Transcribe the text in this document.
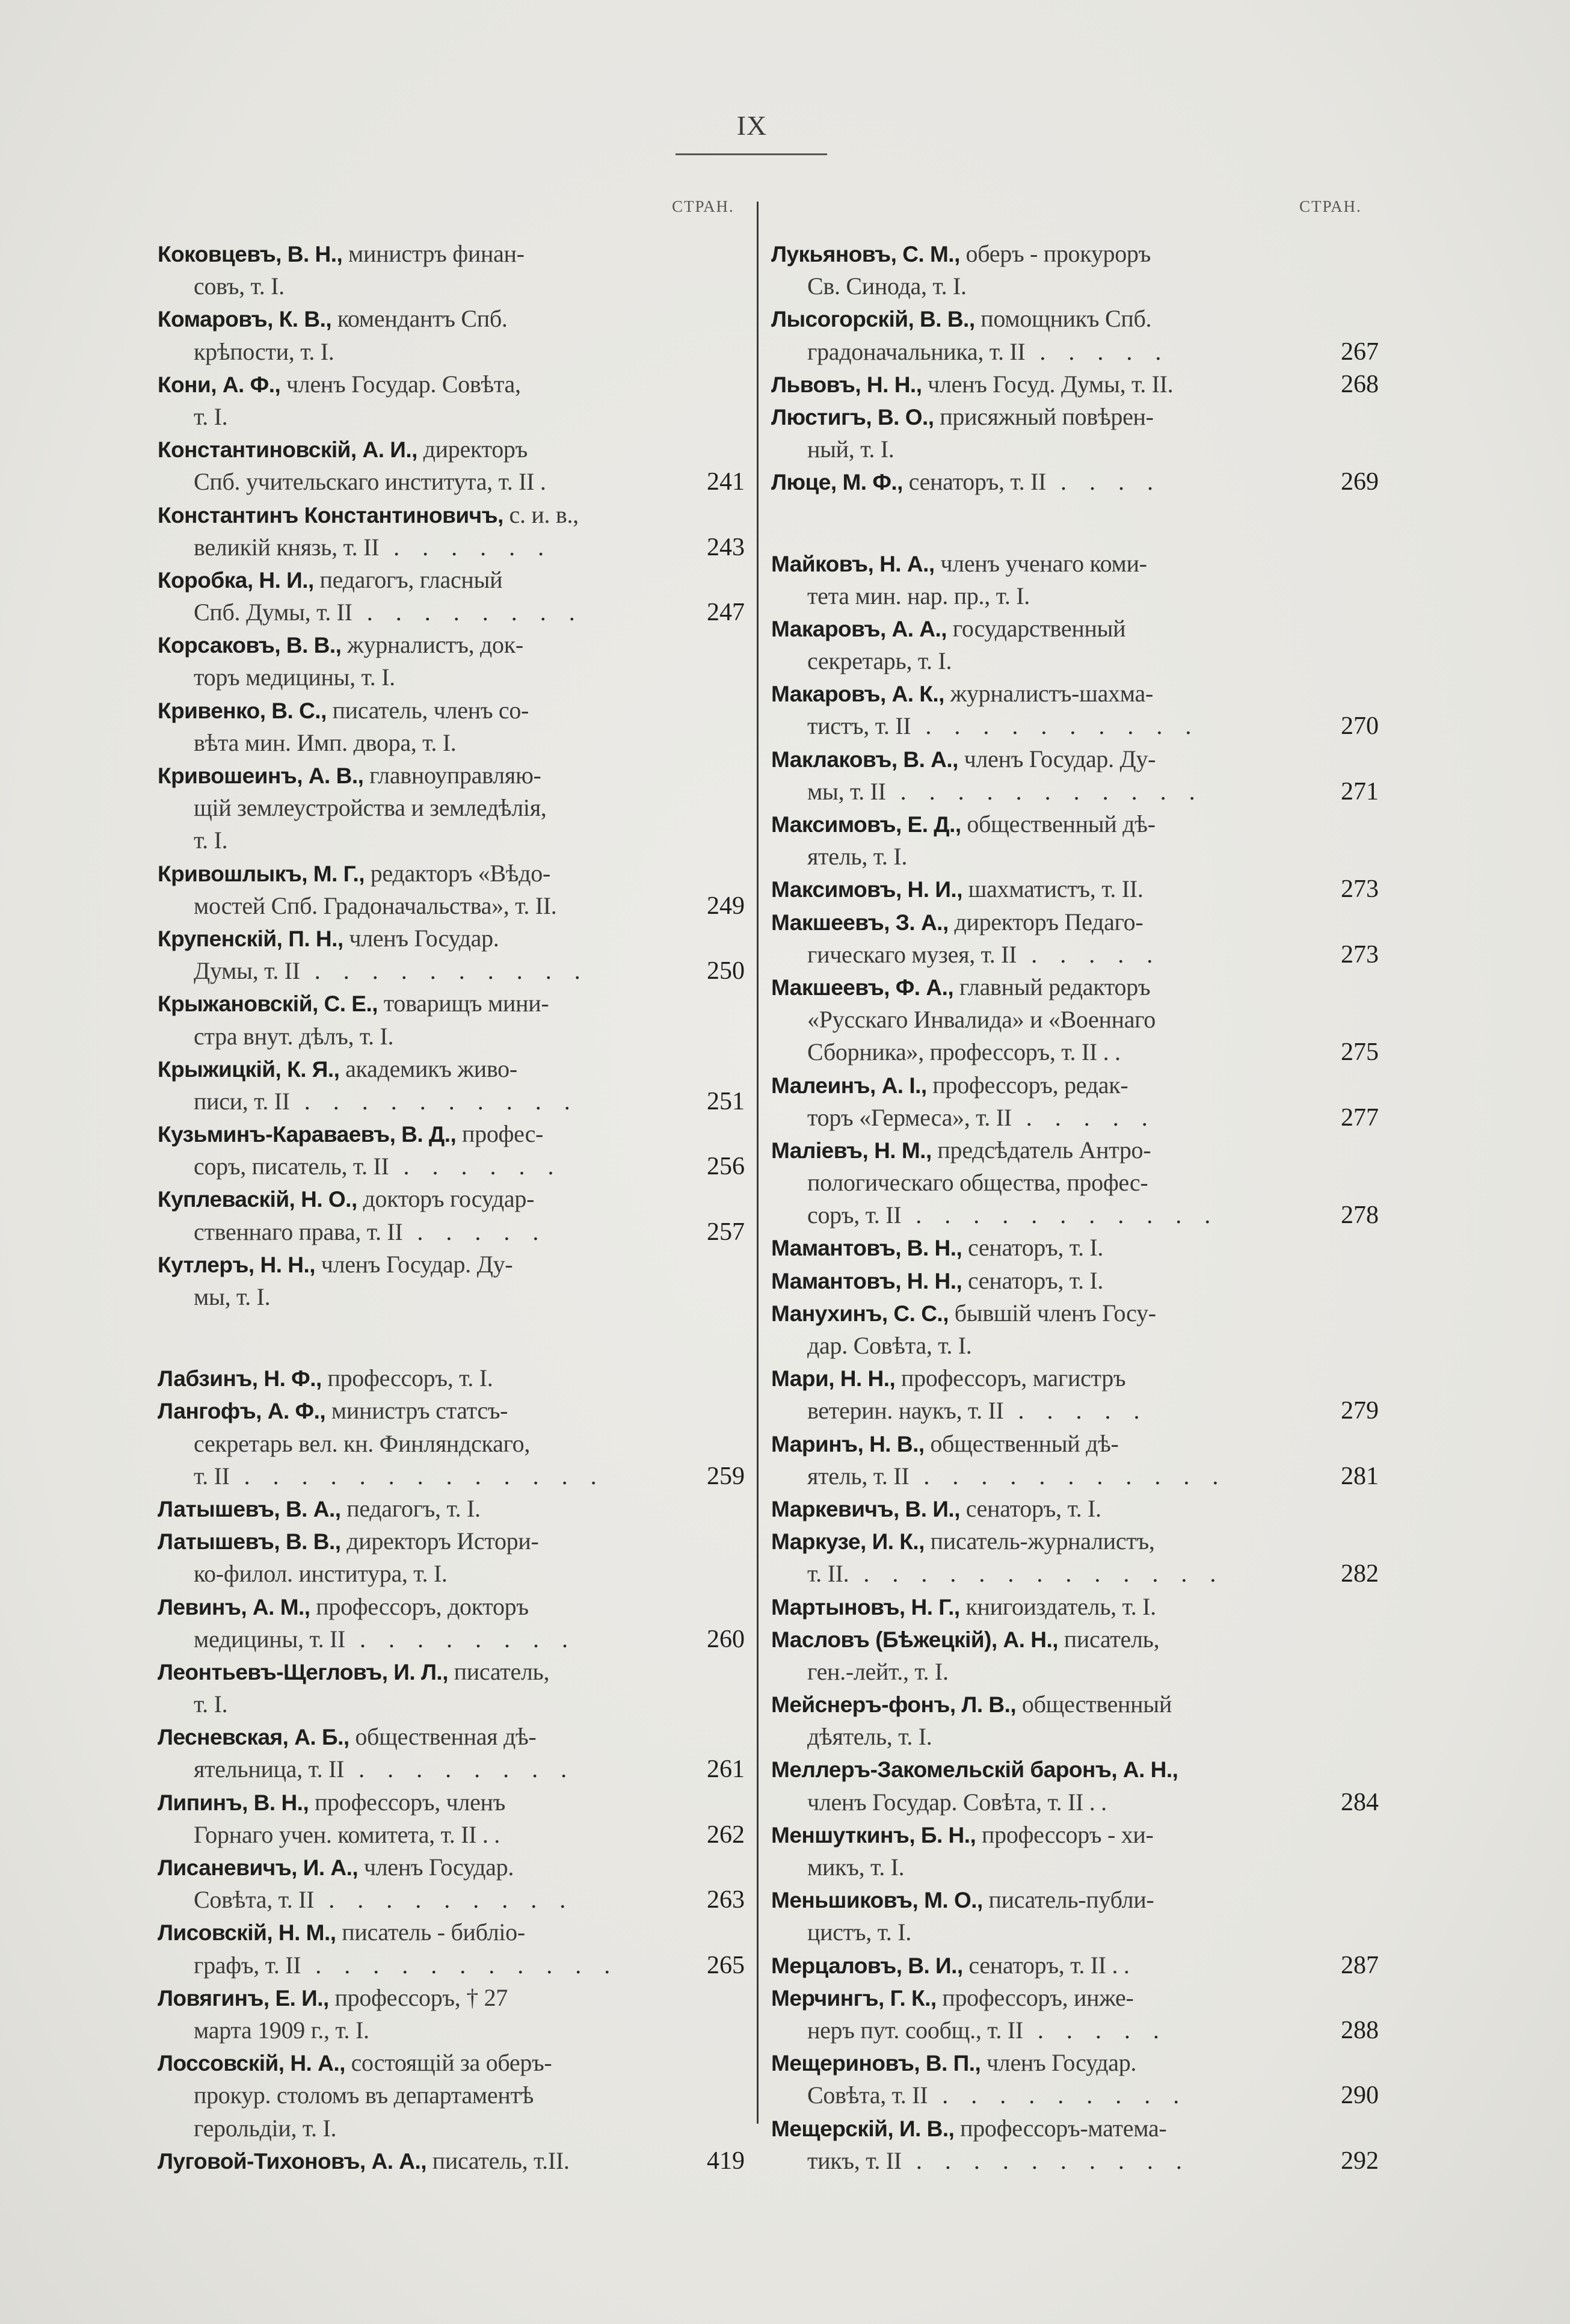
IX
СТРАН.	СТРАН.
Коковцевъ, В. Н., министръ финан-
совъ, т. I.
Комаровъ, К. В., комендантъ Спб.
крѣпости, т. I.
Кони, А. Ф., членъ Государ. Совѣта,
т. I.
Константиновскій, А. И., директоръ
Спб. учительскаго института, т. II .	241
Константинъ Константиновичъ, с. и. в.,
великій князь, т. II . . . . . .	243
Коробка, Н. И., педагогъ, гласный
Спб. Думы, т. II . . . . . . . .	247
Корсаковъ, В. В., журналистъ, док-
торъ медицины, т. I.
Кривенко, В. С., писатель, членъ со-
вѣта мин. Имп. двора, т. I.
Кривошеинъ, А. В., главноуправляю-
щій землеустройства и земледѣлія,
т. I.
Кривошлыкъ, М. Г., редакторъ «Вѣдо-
мостей Спб. Градоначальства», т. II.	249
Крупенскій, П. Н., членъ Государ.
Думы, т. II . . . . . . . . . .	250
Крыжановскій, С. Е., товарищъ мини-
стра внут. дѣлъ, т. I.
Крыжицкій, К. Я., академикъ живо-
писи, т. II . . . . . . . . . .	251
Кузьминъ-Караваевъ, В. Д., профес-
соръ, писатель, т. II . . . . . .	256
Куплеваскій, Н. О., докторъ государ-
ственнаго права, т. II . . . . .	257
Кутлеръ, Н. Н., членъ Государ. Ду-
мы, т. I.
Лабзинъ, Н. Ф., профессоръ, т. I.
Лангофъ, А. Ф., министръ статсъ-
секретарь вел. кн. Финляндскаго,
т. II . . . . . . . . . . . . .	259
Латышевъ, В. А., педагогъ, т. I.
Латышевъ, В. В., директоръ Истори-
ко-филол. институра, т. I.
Левинъ, А. М., профессоръ, докторъ
медицины, т. II . . . . . . . .	260
Леонтьевъ-Щегловъ, И. Л., писатель,
т. I.
Лесневская, А. Б., общественная дѣ-
ятельница, т. II . . . . . . . .	261
Липинъ, В. Н., профессоръ, членъ
Горнаго учен. комитета, т. II . .	262
Лисаневичъ, И. А., членъ Государ.
Совѣта, т. II . . . . . . . . .	263
Лисовскій, Н. М., писатель - библіо-
графъ, т. II . . . . . . . . . . .	265
Ловягинъ, Е. И., профессоръ, † 27
марта 1909 г., т. I.
Лоссовскій, Н. А., состоящій за оберъ-
прокур. столомъ въ департаментѣ
герольдіи, т. I.
Луговой-Тихоновъ, А. А., писатель, т.II.	419
Лукьяновъ, С. М., оберъ - прокуроръ
Св. Синода, т. I.
Лысогорскій, В. В., помощникъ Спб.
градоначальника, т. II . . . . .	267
Львовъ, Н. Н., членъ Госуд. Думы, т. II.	268
Люстигъ, В. О., присяжный повѣрен-
ный, т. I.
Люце, М. Ф., сенаторъ, т. II . . . .	269
Майковъ, Н. А., членъ ученаго коми-
тета мин. нар. пр., т. I.
Макаровъ, А. А., государственный
секретарь, т. I.
Макаровъ, А. К., журналистъ-шахма-
тистъ, т. II . . . . . . . . . .	270
Маклаковъ, В. А., членъ Государ. Ду-
мы, т. II . . . . . . . . . . .	271
Максимовъ, Е. Д., общественный дѣ-
ятель, т. I.
Максимовъ, Н. И., шахматистъ, т. II.	273
Макшеевъ, З. А., директоръ Педаго-
гическаго музея, т. II . . . . .	273
Макшеевъ, Ф. А., главный редакторъ
«Русскаго Инвалида» и «Военнаго
Сборника», профессоръ, т. II . .	275
Малеинъ, А. I., профессоръ, редак-
торъ «Гермеса», т. II . . . . .	277
Маліевъ, Н. М., предсѣдатель Антро-
пологическаго общества, профес-
соръ, т. II . . . . . . . . . . .	278
Мамантовъ, В. Н., сенаторъ, т. I.
Мамантовъ, Н. Н., сенаторъ, т. I.
Манухинъ, С. С., бывшій членъ Госу-
дар. Совѣта, т. I.
Мари, Н. Н., профессоръ, магистръ
ветерин. наукъ, т. II . . . . .	279
Маринъ, Н. В., общественный дѣ-
ятель, т. II . . . . . . . . . . .	281
Маркевичъ, В. И., сенаторъ, т. I.
Маркузе, И. К., писатель-журналистъ,
т. II. . . . . . . . . . . . . .	282
Мартыновъ, Н. Г., книгоиздатель, т. I.
Масловъ (Бѣжецкій), А. Н., писатель,
ген.-лейт., т. I.
Мейснеръ-фонъ, Л. В., общественный
дѣятель, т. I.
Меллеръ-Закомельскій баронъ, А. Н.,
членъ Государ. Совѣта, т. II . .	284
Меншуткинъ, Б. Н., профессоръ - хи-
микъ, т. I.
Меньшиковъ, М. О., писатель-публи-
цистъ, т. I.
Мерцаловъ, В. И., сенаторъ, т. II . .	287
Мерчингъ, Г. К., профессоръ, инже-
неръ пут. сообщ., т. II . . . . .	288
Мещериновъ, В. П., членъ Государ.
Совѣта, т. II . . . . . . . . .	290
Мещерскій, И. В., профессоръ-матема-
тикъ, т. II . . . . . . . . . .	292
